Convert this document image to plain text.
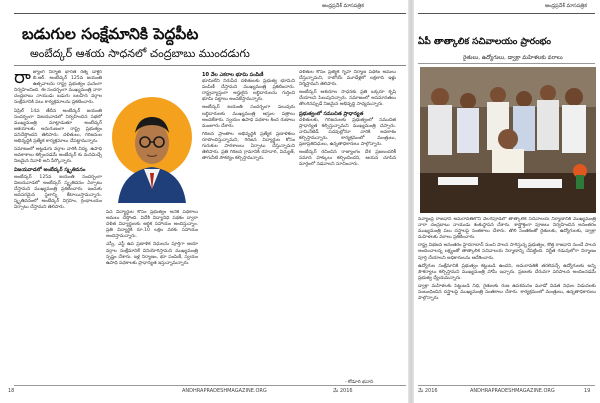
ఆంధ్రప్రదేశ్ మాసపత్రిక	ఆంధ్రప్రదేశ్ మాసపత్రిక
బడుగుల సంక్షేమానికి పెద్దపీట
అంబేద్కర్ ఆశయ సాధనలో చంద్రబాబు ముందడుగు
రా జ్యాంగ నిర్మాత భారత రత్న డాక్టర్ బి.ఆర్. అంబేద్కర్ 125వ జయంతి ఉత్సవాలను రాష్ట్ర ప్రభుత్వం ఘనంగా నిర్వహించింది. ఈ సందర్భంగా ముఖ్యమంత్రి నారా చంద్రబాబు నాయుడు బడుగు బలహీన వర్గాల సంక్షేమానికి పలు కార్యక్రమాలను ప్రకటించారు.

ఏప్రిల్ 14వ తేదీన అంబేద్కర్ జయంతి సందర్భంగా విజయవాడలో నిర్వహించిన సభలో ముఖ్యమంత్రి మాట్లాడుతూ అంబేద్కర్ ఆశయాలకు అనుగుణంగా రాష్ట్ర ప్రభుత్వం పనిచేస్తోందని తెలిపారు. దళితులు, గిరిజనుల అభివృద్ధికి ప్రత్యేక కార్యక్రమాలు చేపట్టామన్నారు.

సమాజంలో అట్టడుగు వర్గాల వారికి విద్య, ఉపాధి అవకాశాలు కల్పించడమే అంబేద్కర్ కు మనమిచ్చే నిజమైన నివాళి అని పేర్కొన్నారు.

విజయవాడలో అంబేద్కర్ స్మృతివనం

అంబేద్కర్ 125వ జయంతి సందర్భంగా విజయవాడలో అంబేద్కర్ స్మృతివనం ఏర్పాటు చేస్తామని ముఖ్యమంత్రి ప్రకటించారు. ఇందుకు అవసరమైన స్థలాన్ని కేటాయిస్తామన్నారు. స్మృతివనంలో అంబేద్కర్ విగ్రహం, గ్రంథాలయం ఏర్పాటు చేస్తామని తెలిపారు.

పేద విద్యార్థుల కోసం ప్రభుత్వం అనేక పథకాలు అమలు చేస్తోంది. విదేశీ విద్యానిధి పథకం ద్వారా దళిత విద్యార్థులకు ఆర్థిక సహాయం అందిస్తున్నాం. ప్రతి విద్యార్థికి రూ.10 లక్షల వరకు సహాయం అందిస్తామన్నారు.

ఎస్సీ, ఎస్టీ ఉప ప్రణాళిక నిధులను పూర్తిగా ఆయా వర్గాల సంక్షేమానికే వినియోగిస్తామని ముఖ్యమంత్రి స్పష్టం చేశారు. ఇళ్ల నిర్మాణం, భూ పంపిణీ, స్వయం ఉపాధి పథకాలకు ప్రాధాన్యత ఇస్తున్నామన్నారు.

10 వేల ఎకరాల భూమి పంపిణీ

భూమిలేని నిరుపేద దళితులకు ప్రభుత్వ భూమిని పంపిణీ చేస్తామని ముఖ్యమంత్రి ప్రకటించారు. రాష్ట్రవ్యాప్తంగా అర్హులైన లబ్ధిదారులను గుర్తించి భూమి పట్టాలు అందజేస్తామన్నారు.

అంబేద్కర్ జయంతి సందర్భంగా పలువురు లబ్ధిదారులకు ముఖ్యమంత్రి ఆస్తుల పత్రాలు అందజేశారు. స్వయం ఉపాధి పథకాల కింద రుణాలు మంజూరు చేశారు.

గిరిజన ప్రాంతాల అభివృద్ధికి ప్రత్యేక ప్రణాళికలు రూపొందిస్తున్నామని, గిరిజన విద్యార్థుల కోసం గురుకుల పాఠశాలలు ఏర్పాటు చేస్తున్నామని తెలిపారు. ప్రతి గిరిజన గ్రామానికి రహదారి, విద్యుత్, తాగునీటి సౌకర్యం కల్పిస్తామన్నారు.

దళితుల కోసం ప్రత్యేక గృహ నిర్మాణ పథకం అమలు చేస్తున్నామని, రాబోయే మూడేళ్లలో లక్షలాది ఇళ్లు నిర్మిస్తామని తెలిపారు.

అంబేద్కర్ ఆశయాల సాధనకు ప్రతి ఒక్కరూ కృషి చేయాలని పిలుపునిచ్చారు. సమాజంలో అసమానతలు తొలగినప్పుడే నిజమైన అభివృద్ధి సాధ్యమన్నారు.

ప్రభుత్వంలో సముచిత ప్రాధాన్యత

దళితులకు, గిరిజనులకు ప్రభుత్వంలో సముచిత ప్రాధాన్యత కల్పిస్తున్నామని ముఖ్యమంత్రి చెప్పారు. నామినేటెడ్ పదవుల్లోనూ వారికి అవకాశం కల్పిస్తామన్నారు. కార్యక్రమంలో మంత్రులు, ప్రజాప్రతినిధులు, ఉన్నతాధికారులు పాల్గొన్నారు.

అంబేద్కర్ రచించిన రాజ్యాంగం దేశ ప్రజలందరికీ సమాన హక్కులు కల్పించిందని, ఆయన చూపిన మార్గంలో నడవాలని సూచించారు.

- కోడూరి భవాని
ఏపీ తాత్కాలిక సచివాలయం ప్రారంభం
రైతులు, ఉద్యోగులు, డ్వాక్రా మహిళలకు వరాలు

నవ్యాంధ్ర రాజధాని అమరావతిలోని వెలగపూడిలో తాత్కాలిక సచివాలయ నిర్మాణానికి ముఖ్యమంత్రి నారా చంద్రబాబు నాయుడు శంకుస్థాపన చేశారు. శాస్త్రోక్తంగా పూజలు నిర్వహించిన అనంతరం ముఖ్యమంత్రి పలు దస్త్రాలపై సంతకాలు చేశారు. తొలి సంతకంతో రైతులకు, ఉద్యోగులకు, డ్వాక్రా మహిళలకు వరాలు ప్రకటించారు.

రాష్ట్ర విభజన అనంతరం హైదరాబాద్ నుంచి పాలన సాగిస్తున్న ప్రభుత్వం, కొత్త రాజధాని నుంచే పాలన అందించాలన్న లక్ష్యంతో తాత్కాలిక సచివాలయ నిర్మాణాన్ని చేపట్టింది. నిర్ణీత గడువులోగా నిర్మాణం పూర్తి చేయాలని అధికారులను ఆదేశించారు.

ఉద్యోగుల సంక్షేమానికి ప్రభుత్వం కట్టుబడి ఉందని, అమరావతికి తరలివచ్చే ఉద్యోగులకు అన్ని సౌకర్యాలు కల్పిస్తామని ముఖ్యమంత్రి హామీ ఇచ్చారు. ప్రజలకు చేరువగా పరిపాలన అందించడమే ప్రభుత్వ ధ్యేయమన్నారు.

డ్వాక్రా మహిళలకు పెట్టుబడి నిధి, రైతులకు రుణ ఉపశమనం మూడో విడత నిధుల విడుదలకు సంబంధించిన దస్త్రాలపై ముఖ్యమంత్రి సంతకాలు చేశారు. కార్యక్రమంలో మంత్రులు, ఉన్నతాధికారులు పాల్గొన్నారు.

18	ANDHRAPRADESHMAGAZINE.ORG	మే 2016	మే 2016	ANDHRAPRADESHMAGAZINE.ORG	19
